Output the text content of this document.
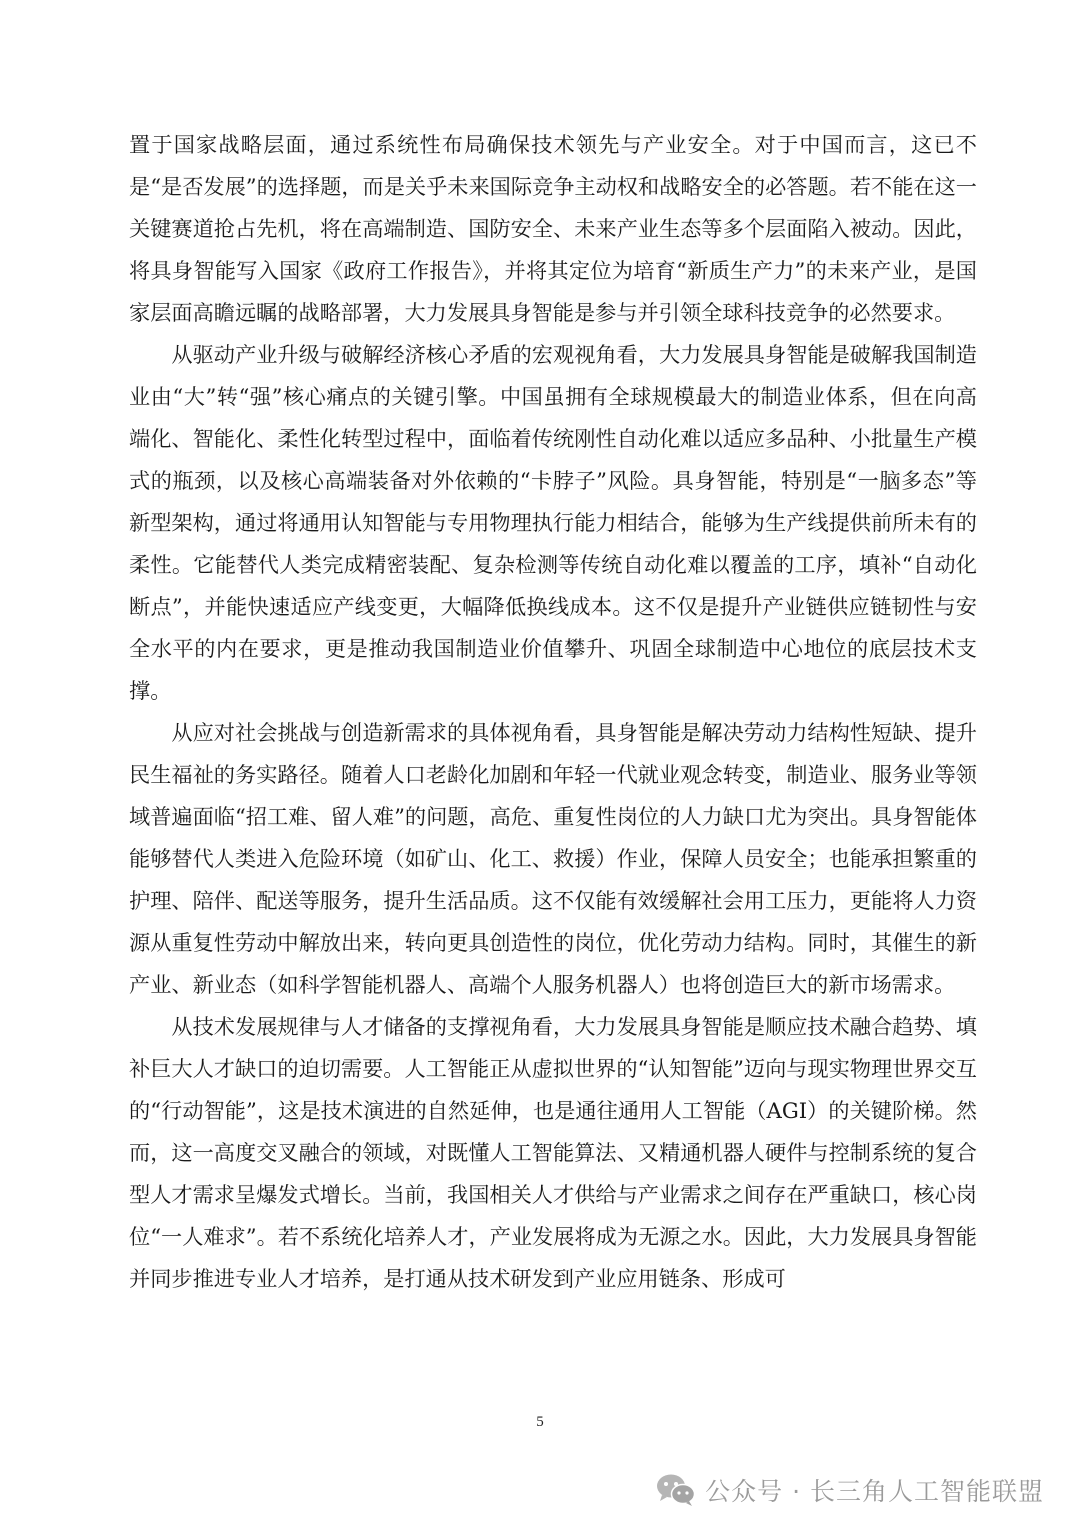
置于国家战略层面，通过系统性布局确保技术领先与产业安全。对于中国而言，这已不是“是否发展”的选择题，而是关乎未来国际竞争主动权和战略安全的必答题。若不能在这一关键赛道抢占先机，将在高端制造、国防安全、未来产业生态等多个层面陷入被动。因此，将具身智能写入国家《政府工作报告》，并将其定位为培育“新质生产力”的未来产业，是国家层面高瞻远瞩的战略部署，大力发展具身智能是参与并引领全球科技竞争的必然要求。

从驱动产业升级与破解经济核心矛盾的宏观视角看，大力发展具身智能是破解我国制造业由“大”转“强”核心痛点的关键引擎。中国虽拥有全球规模最大的制造业体系，但在向高端化、智能化、柔性化转型过程中，面临着传统刚性自动化难以适应多品种、小批量生产模式的瓶颈，以及核心高端装备对外依赖的“卡脖子”风险。具身智能，特别是“一脑多态”等新型架构，通过将通用认知智能与专用物理执行能力相结合，能够为生产线提供前所未有的柔性。它能替代人类完成精密装配、复杂检测等传统自动化难以覆盖的工序，填补“自动化断点”，并能快速适应产线变更，大幅降低换线成本。这不仅是提升产业链供应链韧性与安全水平的内在要求，更是推动我国制造业价值攀升、巩固全球制造中心地位的底层技术支撑。

从应对社会挑战与创造新需求的具体视角看，具身智能是解决劳动力结构性短缺、提升民生福祉的务实路径。随着人口老龄化加剧和年轻一代就业观念转变，制造业、服务业等领域普遍面临“招工难、留人难”的问题，高危、重复性岗位的人力缺口尤为突出。具身智能体能够替代人类进入危险环境（如矿山、化工、救援）作业，保障人员安全；也能承担繁重的护理、陪伴、配送等服务，提升生活品质。这不仅能有效缓解社会用工压力，更能将人力资源从重复性劳动中解放出来，转向更具创造性的岗位，优化劳动力结构。同时，其催生的新产业、新业态（如科学智能机器人、高端个人服务机器人）也将创造巨大的新市场需求。

从技术发展规律与人才储备的支撑视角看，大力发展具身智能是顺应技术融合趋势、填补巨大人才缺口的迫切需要。人工智能正从虚拟世界的“认知智能”迈向与现实物理世界交互的“行动智能”，这是技术演进的自然延伸，也是通往通用人工智能（AGI）的关键阶梯。然而，这一高度交叉融合的领域，对既懂人工智能算法、又精通机器人硬件与控制系统的复合型人才需求呈爆发式增长。当前，我国相关人才供给与产业需求之间存在严重缺口，核心岗位“一人难求”。若不系统化培养人才，产业发展将成为无源之水。因此，大力发展具身智能并同步推进专业人才培养，是打通从技术研发到产业应用链条、形成可

5
公众号 · 长三角人工智能联盟
